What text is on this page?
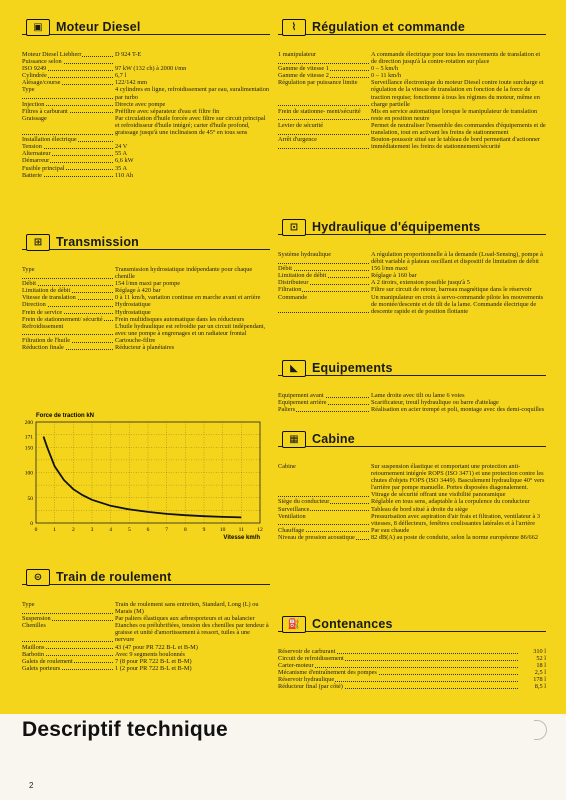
▣	Moteur Diesel
Moteur Diesel Liebherr	D 924 T-E
Puissance selon
ISO 9249	97 kW (132 ch) à 2000 t/mn
Cylindrée	6,7 l
Alésage/course	122/142 mm
Type	4 cylindres en ligne, refroidissement par eau, suralimentation par turbo
Injection	Directe avec pompe
Filtres à carburant	Préfiltre avec séparateur d'eau et filtre fin
Graissage	Par circulation d'huile forcée avec filtre sur circuit principal et refroidisseur d'huile intégré; carter d'huile profond, graissage jusqu'à une inclinaison de 45° en tous sens
Installation électrique
Tension	24 V
Alternateur	55 A
Démarreur	6,6 kW
Fusible principal	35 A
Batterie	110 Ah
⊞	Transmission
Type	Transmission hydrostatique indépendante pour chaque chenille
Débit	154 l/mn maxi par pompe
Limitation de débit	Réglage à 420 bar
Vitesse de translation	0 à 11 km/h, variation continue en marche avant et arrière
Direction	Hydrostatique
Frein de service	Hydrostatique
Frein de stationnement/ sécurité	Frein multidisques automatique dans les réducteurs
Refroidissement	L'huile hydraulique est refroidie par un circuit indépendant, avec une pompe à engrenages et un radiateur frontal
Filtration de l'huile	Cartouche-filtre
Réduction finale	Réducteur à planétaires
Force de traction kN
200
171
150
100
50
0
0	1	2	3	4	5	6	7	8	9	10 11 12
Vitesse km/h
⊝	Train de roulement
Type	Train de roulement sans entretien, Standard, Long (L) ou Marais (M)
Suspension	Par paliers élastiques aux arbresporteurs et au balancier
Chenilles	Etanches ou prélubrifiées, tension des chenilles par tendeur à graisse et unité d'amortissement à ressort, tuiles à une nervure
Maillons	43 (47 pour PR 722 B-L et B-M)
Barbotin	Avec 9 segments boulonnés
Galets de roulement	7 (8 pour PR 722 B-L et B-M)
Galets porteurs	1 (2 pour PR 722 B-L et B-M)
⌇	Régulation et commande
1 manipulateur	A commande électrique pour tous les mouvements de translation et de direction jusqu'à la contre-rotation sur place
Gamme de vitesse 1	0 – 5 km/h
Gamme de vitesse 2	0 – 11 km/h
Régulation par puissance limite	Surveillance électronique du moteur Diesel contre toute surcharge et régulation de la vitesse de translation en fonction de la force de traction requise; fonctionne à tous les régimes du moteur, même en charge partielle
Frein de stationne- ment/sécurité	Mis en service automatique lorsque le manipulateur de translation reste en position neutre
Levier de sécurité	Permet de neutraliser l'ensemble des commandes d'équipements et de translation, tout en activant les freins de stationnement
Arrêt d'urgence	Bouton-poussoir situé sur le tableau de bord permettant d'actionner immédiatement les freins de stationnement/sécurité
⊡	Hydraulique d'équipements
Système hydraulique	A régulation proportionnelle à la demande (Load-Sensing), pompe à débit variable à plateau oscillant et dispositif de limitation de débit
Débit	156 l/mn maxi
Limitation de débit	Réglage à 160 bar
Distributeur	A 2 tiroirs, extension possible jusqu'à 5
Filtration	Filtre sur circuit de retour, barreau magnétique dans le réservoir
Commande	Un manipulateur en croix à servo-commande pilote les mouvements de montée/descente et de tilt de la lame. Commande électrique de descente rapide et de position flottante
◣	Equipements
Equipement avant	Lame droite avec tilt ou lame 6 voies
Equipement arrière	Scarificateur, treuil hydraulique ou barre d'attelage
Paliers	Réalisation en acier trempé et poli, montage avec des demi-coquilles
▦	Cabine
Cabine	Sur suspension élastique et comportant une protection anti-retournement intégrée ROPS (ISO 3471) et une protection contre les chutes d'objets FOPS (ISO 3449). Basculement hydraulique 40° vers l'arrière par pompe manuelle. Portes disposées diagonalement. Vitrage de sécurité offrant une visibilité panoramique
Siège du conducteur	Réglable en tous sens, adaptable à la corpulence du conducteur
Surveillance	Tableau de bord situé à droite du siège
Ventilation	Pressurisation avec aspiration d'air frais et filtration, ventilateur à 3 vitesses, 8 déflecteurs, fenêtres coulissantes latérales et à l'arrière
Chauffage	Par eau chaude
Niveau de pression acoustique	82 dB(A) au poste de conduite, selon la norme européenne 86/662
⛽ Contenances
Réservoir de carburant	310 l
Circuit de refroidissement	52 l
Carter-moteur	18 l
Mécanisme d'entraînement des pompes	2,5 l
Réservoir hydraulique	178 l
Réducteur final (par côté)	8,5 l
Descriptif technique
2
